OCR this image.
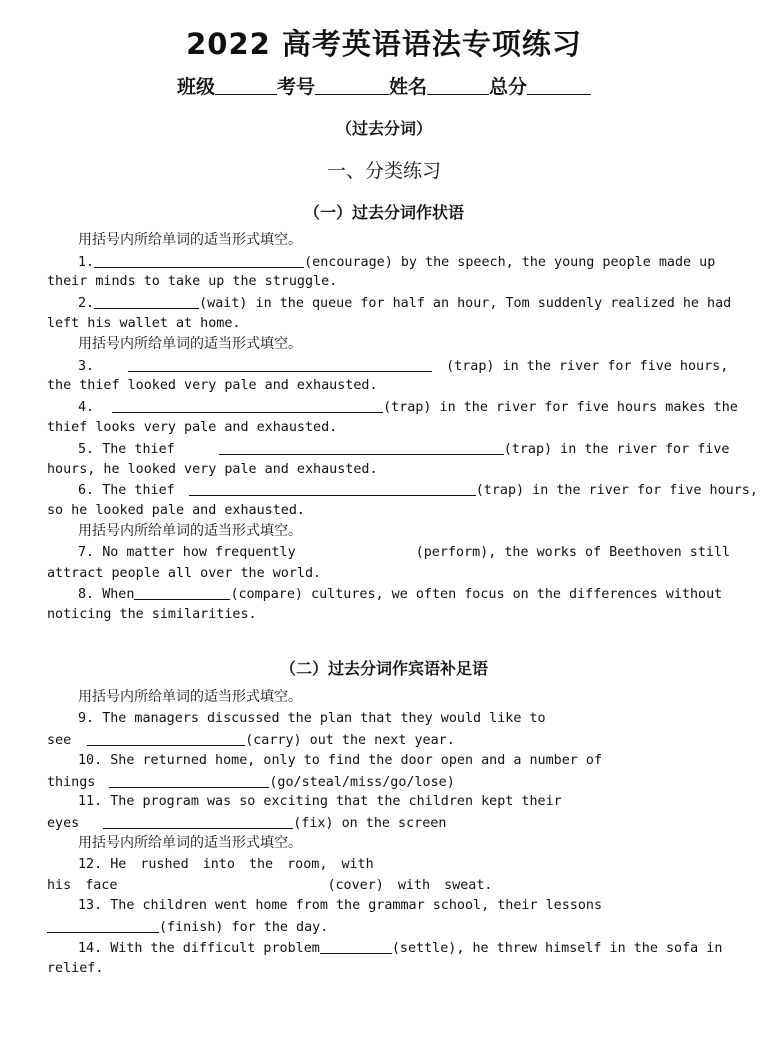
2022 高考英语语法专项练习
班级	考号	姓名	总分
（过去分词）
一、分类练习
（一）过去分词作状语
用括号内所给单词的适当形式填空。
1.	(encourage) by the speech, the young people made up
their minds to take up the struggle.
2.	(wait) in the queue for half an hour, Tom suddenly realized he had
left his wallet at home.
用括号内所给单词的适当形式填空。
3.	(trap) in the river for five hours,
the thief looked very pale and exhausted.
4.	(trap) in the river for five hours makes the
thief looks very pale and exhausted.
5. The thief	(trap) in the river for five
hours, he looked very pale and exhausted.
6. The thief	(trap) in the river for five hours,
so he looked pale and exhausted.
用括号内所给单词的适当形式填空。
7. No matter how frequently	(perform), the works of Beethoven still
attract people all over the world.
8. When	(compare) cultures, we often focus on the differences without
noticing the similarities.
（二）过去分词作宾语补足语
用括号内所给单词的适当形式填空。
9. The managers discussed the plan that they would like to
see	(carry) out the next year.
10. She returned home, only to find the door open and a number of
things	(go/steal/miss/go/lose)
11. The program was so exciting that the children kept their
eyes	(fix) on the screen
用括号内所给单词的适当形式填空。
12. He rushed into the room, with
his face	(cover) with sweat.
13. The children went home from the grammar school, their lessons
(finish) for the day.
14. With the difficult problem	(settle), he threw himself in the sofa in
relief.
